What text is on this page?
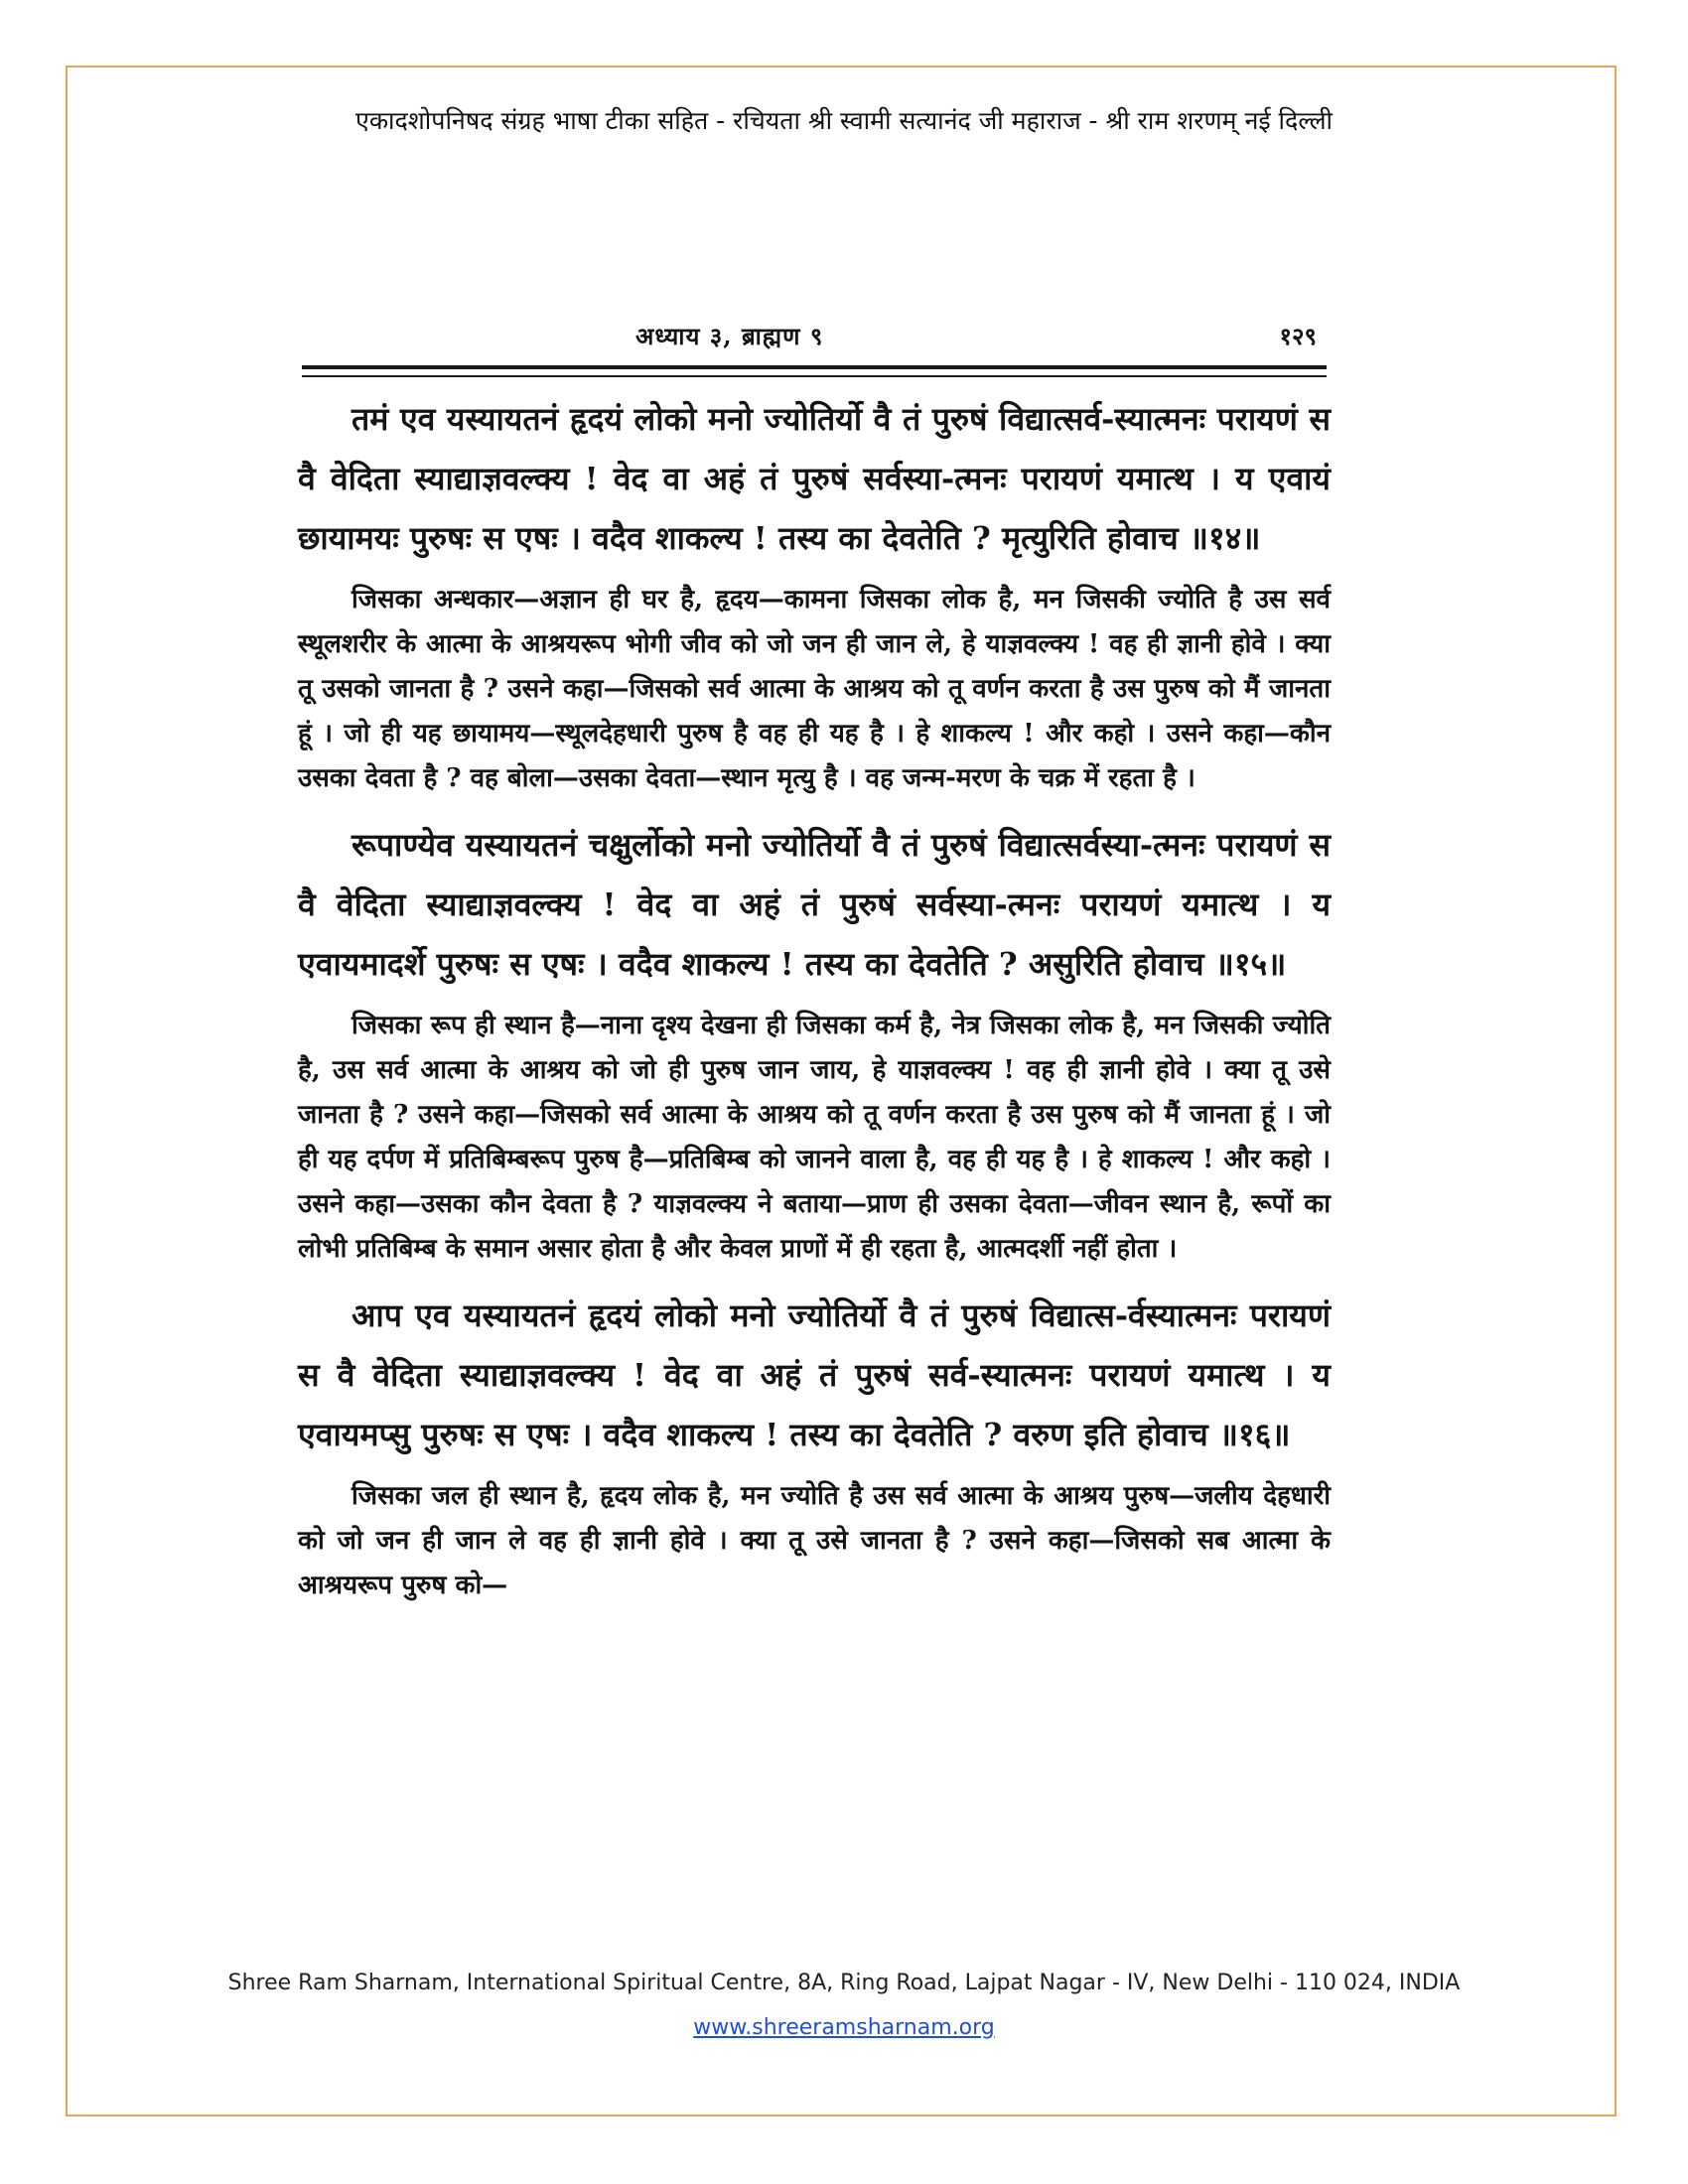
एकादशोपनिषद संग्रह भाषा टीका सहित - रचियता श्री स्वामी सत्यानंद जी महाराज - श्री राम शरणम् नई दिल्ली
अध्याय ३, ब्राह्मण ९	१२९

तमं एव यस्यायतनं हृदयं लोको मनो ज्योतिर्यो वै तं पुरुषं विद्यात्सर्व-स्यात्मनः परायणं स वै वेदिता स्याद्याज्ञवल्क्य ! वेद वा अहं तं पुरुषं सर्वस्या-त्मनः परायणं यमात्थ । य एवायं छायामयः पुरुषः स एषः । वदैव शाकल्य ! तस्य का देवतेति ? मृत्युरिति होवाच ॥१४॥

जिसका अन्धकार—अज्ञान ही घर है, हृदय—कामना जिसका लोक है, मन जिसकी ज्योति है उस सर्व स्थूलशरीर के आत्मा के आश्रयरूप भोगी जीव को जो जन ही जान ले, हे याज्ञवल्क्य ! वह ही ज्ञानी होवे । क्या तू उसको जानता है ? उसने कहा—जिसको सर्व आत्मा के आश्रय को तू वर्णन करता है उस पुरुष को मैं जानता हूं । जो ही यह छायामय—स्थूलदेहधारी पुरुष है वह ही यह है । हे शाकल्य ! और कहो । उसने कहा—कौन उसका देवता है ? वह बोला—उसका देवता—स्थान मृत्यु है । वह जन्म-मरण के चक्र में रहता है ।

रूपाण्येव यस्यायतनं चक्षुर्लोको मनो ज्योतिर्यो वै तं पुरुषं विद्यात्सर्वस्या-त्मनः परायणं स वै वेदिता स्याद्याज्ञवल्क्य ! वेद वा अहं तं पुरुषं सर्वस्या-त्मनः परायणं यमात्थ । य एवायमादर्शे पुरुषः स एषः । वदैव शाकल्य ! तस्य का देवतेति ? असुरिति होवाच ॥१५॥

जिसका रूप ही स्थान है—नाना दृश्य देखना ही जिसका कर्म है, नेत्र जिसका लोक है, मन जिसकी ज्योति है, उस सर्व आत्मा के आश्रय को जो ही पुरुष जान जाय, हे याज्ञवल्क्य ! वह ही ज्ञानी होवे । क्या तू उसे जानता है ? उसने कहा—जिसको सर्व आत्मा के आश्रय को तू वर्णन करता है उस पुरुष को मैं जानता हूं । जो ही यह दर्पण में प्रतिबिम्बरूप पुरुष है—प्रतिबिम्ब को जानने वाला है, वह ही यह है । हे शाकल्य ! और कहो । उसने कहा—उसका कौन देवता है ? याज्ञवल्क्य ने बताया—प्राण ही उसका देवता—जीवन स्थान है, रूपों का लोभी प्रतिबिम्ब के समान असार होता है और केवल प्राणों में ही रहता है, आत्मदर्शी नहीं होता ।

आप एव यस्यायतनं हृदयं लोको मनो ज्योतिर्यो वै तं पुरुषं विद्यात्स-र्वस्यात्मनः परायणं स वै वेदिता स्याद्याज्ञवल्क्य ! वेद वा अहं तं पुरुषं सर्व-स्यात्मनः परायणं यमात्थ । य एवायमप्सु पुरुषः स एषः । वदैव शाकल्य ! तस्य का देवतेति ? वरुण इति होवाच ॥१६॥

जिसका जल ही स्थान है, हृदय लोक है, मन ज्योति है उस सर्व आत्मा के आश्रय पुरुष—जलीय देहधारी को जो जन ही जान ले वह ही ज्ञानी होवे । क्या तू उसे जानता है ? उसने कहा—जिसको सब आत्मा के आश्रयरूप पुरुष को—

Shree Ram Sharnam, International Spiritual Centre, 8A, Ring Road, Lajpat Nagar - IV, New Delhi - 110 024, INDIA
www.shreeramsharnam.org
